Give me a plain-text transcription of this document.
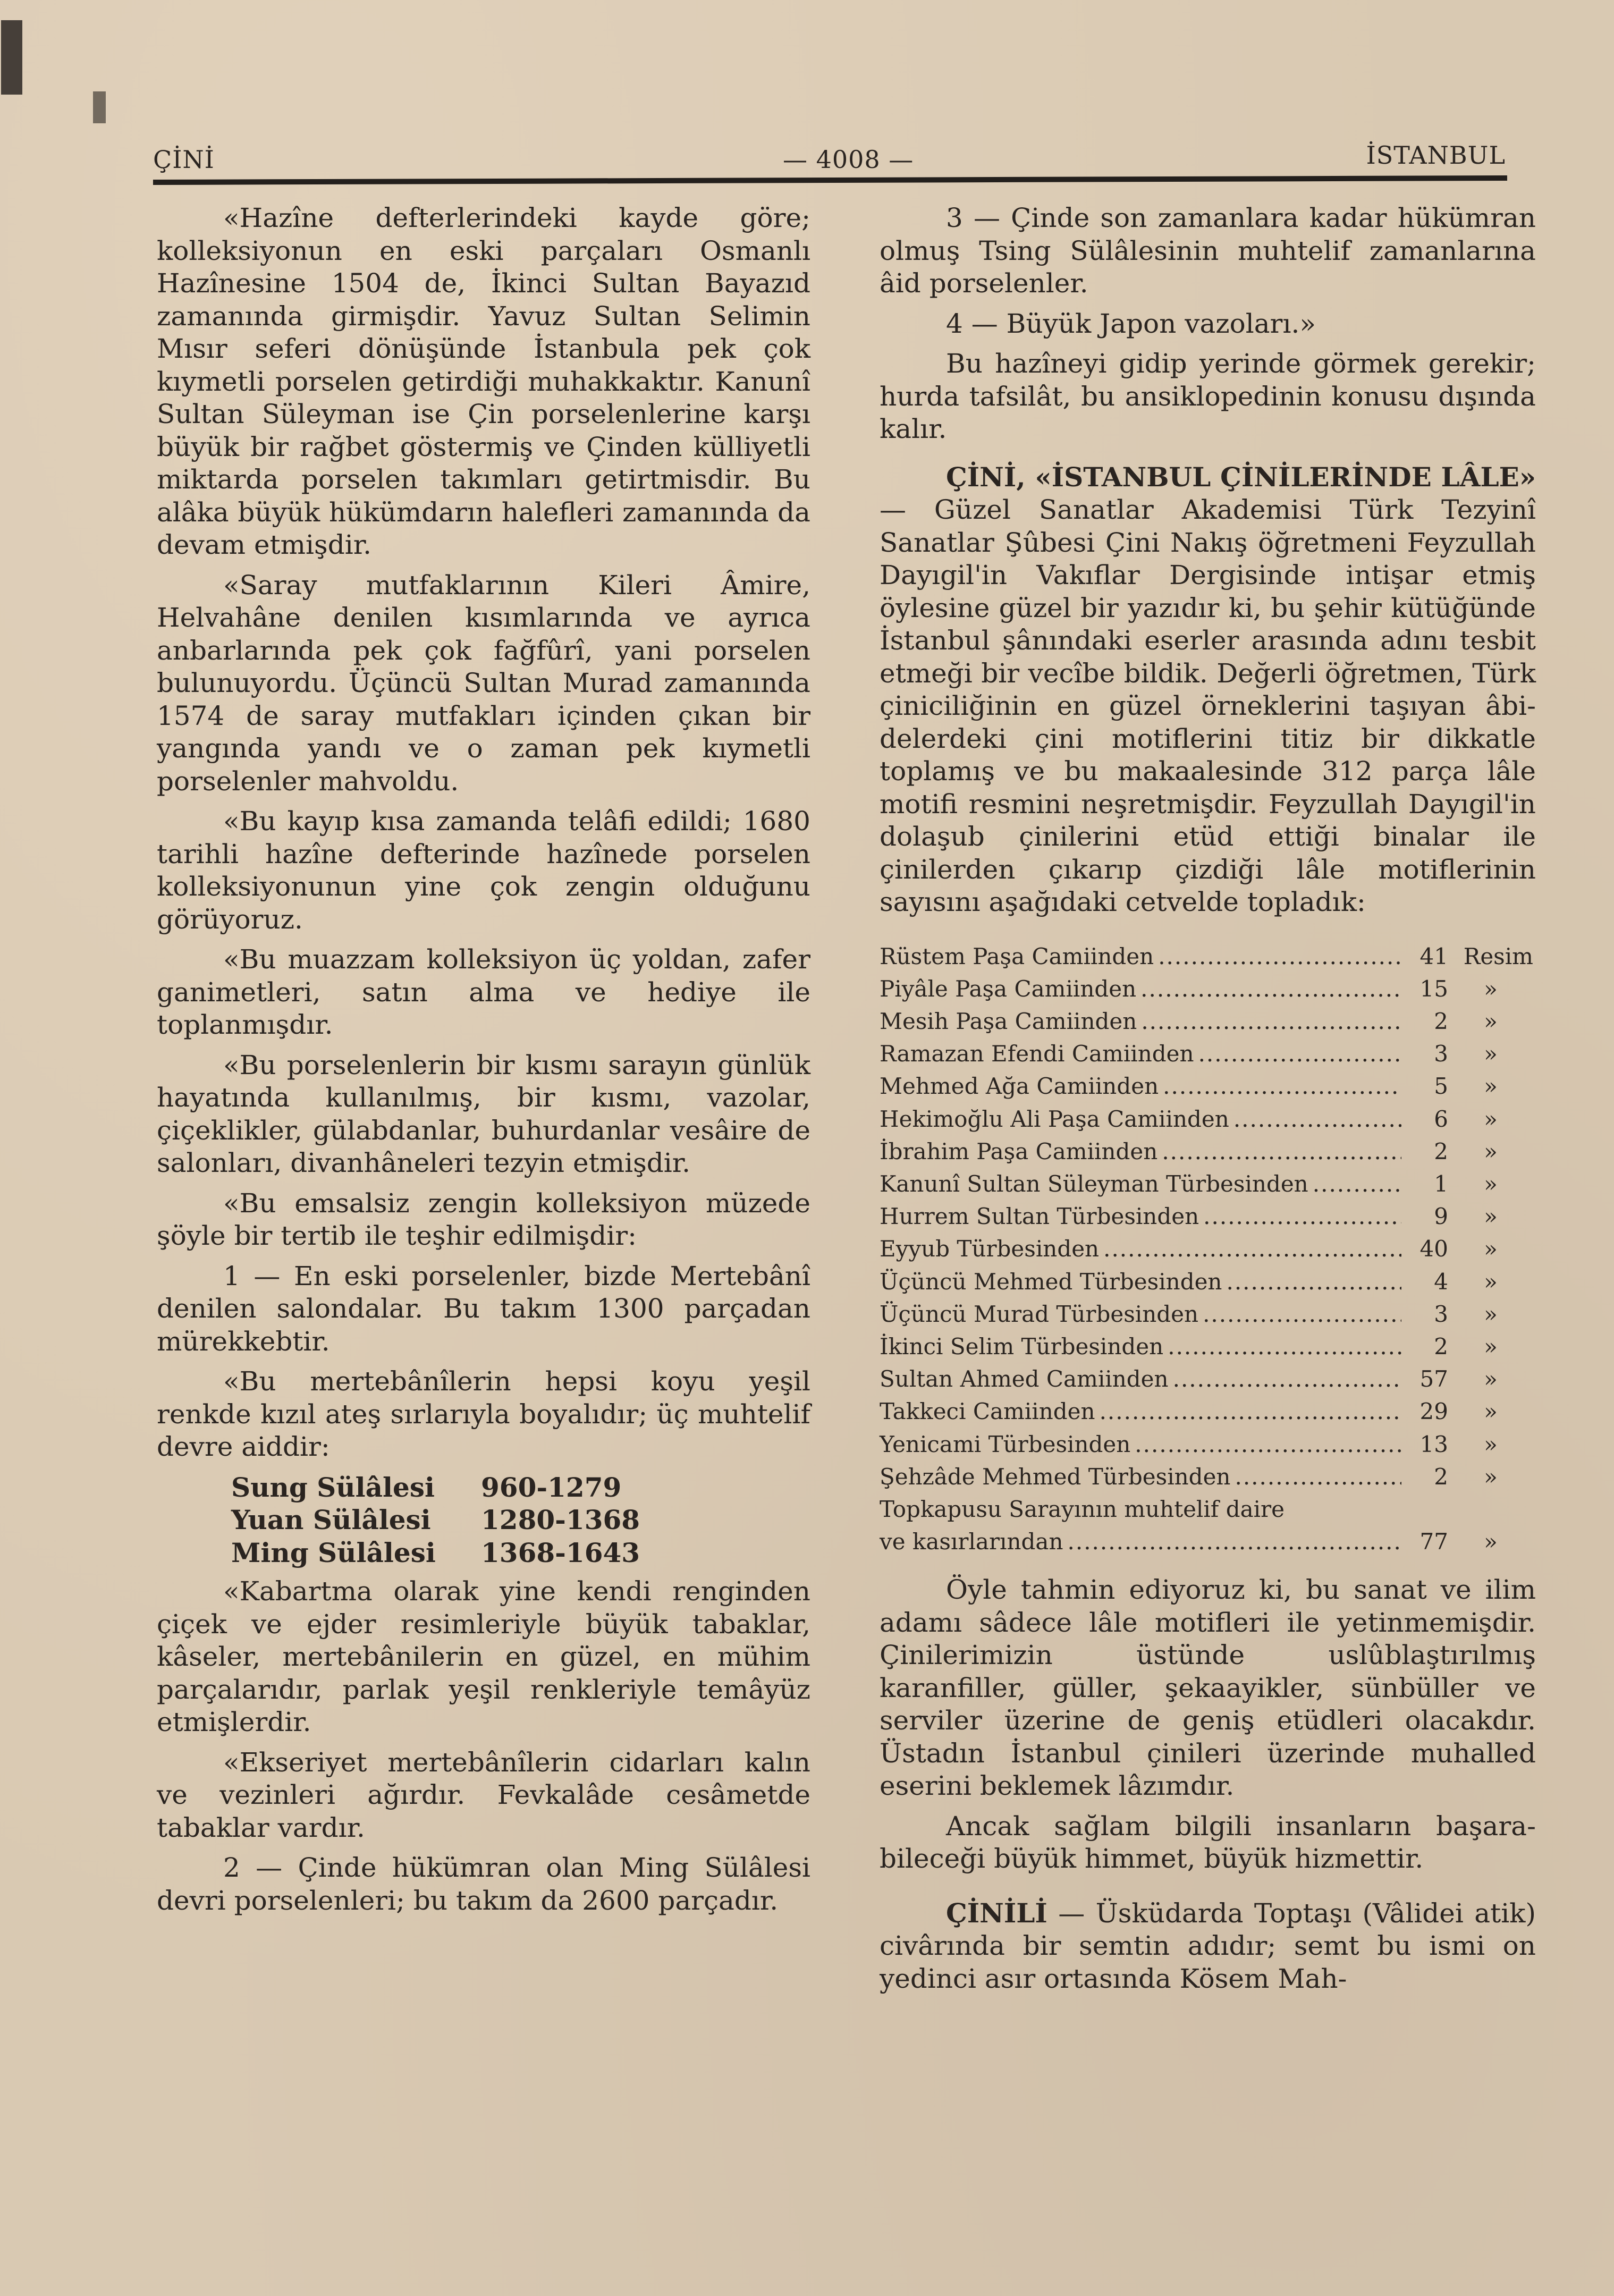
ÇİNİ	— 4008 —	İSTANBUL

«Hazîne defterlerindeki kayde göre; kolleksiyonun en eski parçaları Osmanlı Hazînesine 1504 de, İkinci Sultan Bayazıd zamanında girmişdir. Yavuz Sultan Selimin Mısır seferi dönüşünde İstanbula pek çok kıymetli porselen getirdiği muhakkaktır. Kanunî Sultan Süleyman ise Çin porselenlerine karşı büyük bir rağbet göstermiş ve Çinden külliyetli miktarda porselen takımları getirtmisdir. Bu alâka büyük hükümdarın halefleri zamanında da devam etmişdir.

«Saray mutfaklarının Kileri Âmire, Helvahâne denilen kısımlarında ve ayrıca anbarlarında pek çok fağfûrî, yani porselen bulunuyordu. Üçüncü Sultan Murad zamanında 1574 de saray mutfakları içinden çıkan bir yangında yandı ve o zaman pek kıymetli porselenler mahvoldu.

«Bu kayıp kısa zamanda telâfi edildi; 1680 tarihli hazîne defterinde hazînede porselen kolleksiyonunun yine çok zengin olduğunu görüyoruz.

«Bu muazzam kolleksiyon üç yoldan, zafer ganimetleri, satın alma ve hediye ile toplanmışdır.

«Bu porselenlerin bir kısmı sarayın günlük hayatında kullanılmış, bir kısmı, vazolar, çiçeklikler, gülabdanlar, buhurdanlar vesâire de salonları, divanhâneleri tezyin etmişdir.

«Bu emsalsiz zengin kolleksiyon müzede şöyle bir tertib ile teşhir edilmişdir:

1 — En eski porselenler, bizde Mertebânî denilen salondalar. Bu takım 1300 parçadan mürekkebtir.

«Bu mertebânîlerin hepsi koyu yeşil renkde kızıl ateş sırlarıyla boyalıdır; üç muhtelif devre aiddir:

Sung Sülâlesi	960-1279
Yuan Sülâlesi	1280-1368
Ming Sülâlesi	1368-1643

«Kabartma olarak yine kendi renginden çiçek ve ejder resimleriyle büyük tabaklar, kâseler, mertebânilerin en güzel, en mühim parçalarıdır, parlak yeşil renkleriyle temâyüz etmişlerdir.

«Ekseriyet mertebânîlerin cidarları kalın ve vezinleri ağırdır. Fevkalâde cesâmetde tabaklar vardır.

2 — Çinde hükümran olan Ming Sülâlesi devri porselenleri; bu takım da 2600 parçadır.

3 — Çinde son zamanlara kadar hükümran olmuş Tsing Sülâlesinin muhtelif zamanlarına âid porselenler.

4 — Büyük Japon vazoları.»

Bu hazîneyi gidip yerinde görmek gerekir; hurda tafsilât, bu ansiklopedinin konusu dışında kalır.

ÇİNİ, «İSTANBUL ÇİNİLERİNDE LÂLE» — Güzel Sanatlar Akademisi Türk Tezyinî Sanatlar Şûbesi Çini Nakış öğretmeni Feyzullah Dayıgil'in Vakıflar Dergisinde intişar etmiş öylesine güzel bir yazıdır ki, bu şehir kütüğünde İstanbul şânındaki eserler arasında adını tesbit etmeği bir vecîbe bildik. Değerli öğretmen, Türk çiniciliğinin en güzel örneklerini taşıyan âbidelerdeki çini motiflerini titiz bir dikkatle toplamış ve bu makaalesinde 312 parça lâle motifi resmini neşretmişdir. Feyzullah Dayıgil'in dolaşub çinilerini etüd ettiği binalar ile çinilerden çıkarıp çizdiği lâle motiflerinin sayısını aşağıdaki cetvelde topladık:

Rüstem Paşa Camiinden .....	41 Resim
Piyâle Paşa Camiinden .....	15	»
Mesih Paşa Camiinden .....	2	»
Ramazan Efendi Camiinden .....	3	»
Mehmed Ağa Camiinden .....	5	»
Hekimoğlu Ali Paşa Camiinden .....	6	»
İbrahim Paşa Camiinden .....	2	»
Kanunî Sultan Süleyman Türbesinden .....	1	»
Hurrem Sultan Türbesinden .....	9	»
Eyyub Türbesinden .....	40	»
Üçüncü Mehmed Türbesinden .....	4	»
Üçüncü Murad Türbesinden .....	3	»
İkinci Selim Türbesinden .....	2	»
Sultan Ahmed Camiinden .....	57	»
Takkeci Camiinden .....	29	»
Yenicami Türbesinden .....	13	»
Şehzâde Mehmed Türbesinden .....	2	»
Topkapusu Sarayının muhtelif daire
ve kasırlarından .....	77	»

Öyle tahmin ediyoruz ki, bu sanat ve ilim adamı sâdece lâle motifleri ile yetinmemişdir. Çinilerimizin üstünde uslûblaştırılmış karanfiller, güller, şekaayikler, sünbüller ve serviler üzerine de geniş etüdleri olacakdır. Üstadın İstanbul çinileri üzerinde muhalled eserini beklemek lâzımdır.

Ancak sağlam bilgili insanların başarabileceği büyük himmet, büyük hizmettir.

ÇİNİLİ — Üsküdarda Toptaşı (Vâlidei atik) civârında bir semtin adıdır; semt bu ismi on yedinci asır ortasında Kösem Mah-
